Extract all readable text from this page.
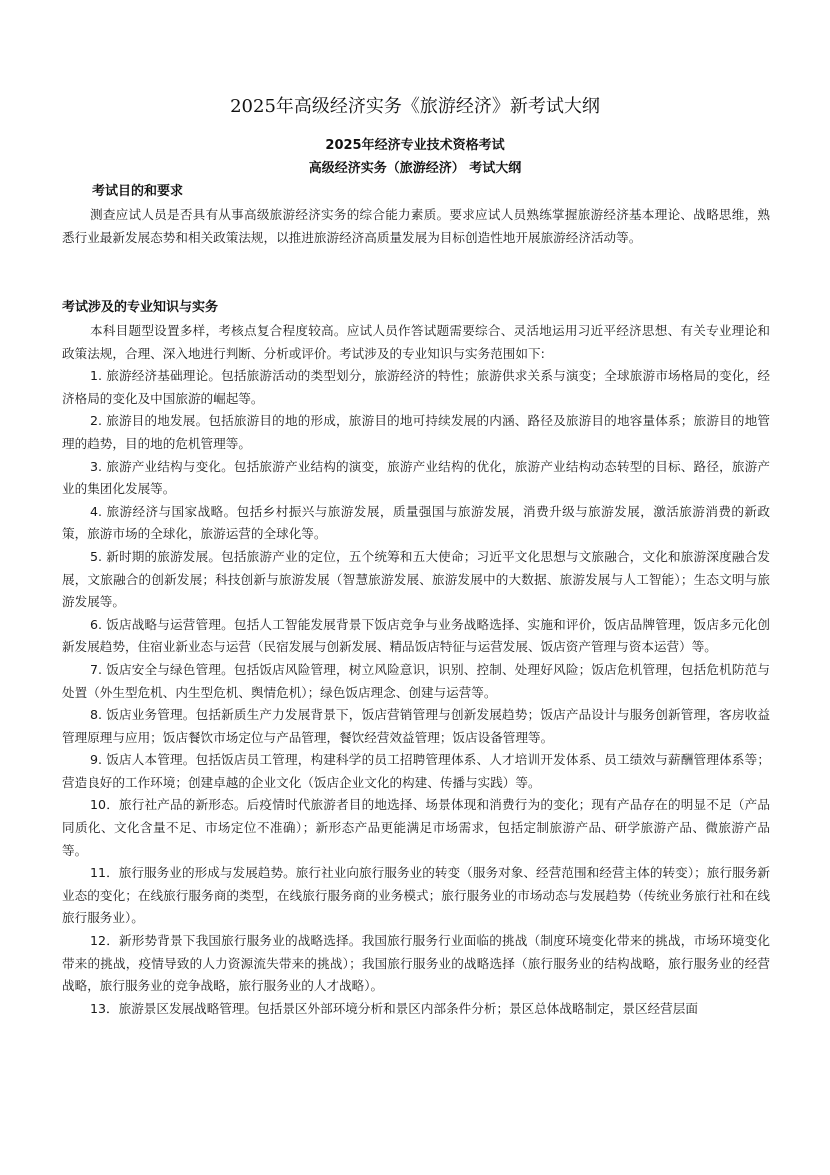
2025年高级经济实务《旅游经济》新考试大纲
2025年经济专业技术资格考试
高级经济实务（旅游经济） 考试大纲
考试目的和要求

测查应试人员是否具有从事高级旅游经济实务的综合能力素质。要求应试人员熟练掌握旅游经济基本理论、战略思维，熟悉行业最新发展态势和相关政策法规，以推进旅游经济高质量发展为目标创造性地开展旅游经济活动等。

考试涉及的专业知识与实务

本科目题型设置多样，考核点复合程度较高。应试人员作答试题需要综合、灵活地运用习近平经济思想、有关专业理论和政策法规，合理、深入地进行判断、分析或评价。考试涉及的专业知识与实务范围如下:

1. 旅游经济基础理论。包括旅游活动的类型划分，旅游经济的特性；旅游供求关系与演变；全球旅游市场格局的变化，经济格局的变化及中国旅游的崛起等。

2. 旅游目的地发展。包括旅游目的地的形成，旅游目的地可持续发展的内涵、路径及旅游目的地容量体系；旅游目的地管理的趋势，目的地的危机管理等。

3. 旅游产业结构与变化。包括旅游产业结构的演变，旅游产业结构的优化，旅游产业结构动态转型的目标、路径，旅游产业的集团化发展等。

4. 旅游经济与国家战略。包括乡村振兴与旅游发展，质量强国与旅游发展，消费升级与旅游发展，激活旅游消费的新政策，旅游市场的全球化，旅游运营的全球化等。

5. 新时期的旅游发展。包括旅游产业的定位，五个统筹和五大使命；习近平文化思想与文旅融合，文化和旅游深度融合发展，文旅融合的创新发展；科技创新与旅游发展（智慧旅游发展、旅游发展中的大数据、旅游发展与人工智能）；生态文明与旅游发展等。

6. 饭店战略与运营管理。包括人工智能发展背景下饭店竞争与业务战略选择、实施和评价，饭店品牌管理，饭店多元化创新发展趋势，住宿业新业态与运营（民宿发展与创新发展、精品饭店特征与运营发展、饭店资产管理与资本运营）等。

7. 饭店安全与绿色管理。包括饭店风险管理，树立风险意识，识别、控制、处理好风险；饭店危机管理，包括危机防范与处置（外生型危机、内生型危机、舆情危机）；绿色饭店理念、创建与运营等。

8. 饭店业务管理。包括新质生产力发展背景下，饭店营销管理与创新发展趋势；饭店产品设计与服务创新管理，客房收益管理原理与应用；饭店餐饮市场定位与产品管理，餐饮经营效益管理；饭店设备管理等。

9. 饭店人本管理。包括饭店员工管理，构建科学的员工招聘管理体系、人才培训开发体系、员工绩效与薪酬管理体系等；营造良好的工作环境；创建卓越的企业文化（饭店企业文化的构建、传播与实践）等。

10．旅行社产品的新形态。后疫情时代旅游者目的地选择、场景体现和消费行为的变化；现有产品存在的明显不足（产品同质化、文化含量不足、市场定位不准确）；新形态产品更能满足市场需求，包括定制旅游产品、研学旅游产品、微旅游产品等。

11．旅行服务业的形成与发展趋势。旅行社业向旅行服务业的转变（服务对象、经营范围和经营主体的转变）；旅行服务新业态的变化；在线旅行服务商的类型，在线旅行服务商的业务模式；旅行服务业的市场动态与发展趋势（传统业务旅行社和在线旅行服务业）。

12．新形势背景下我国旅行服务业的战略选择。我国旅行服务行业面临的挑战（制度环境变化带来的挑战，市场环境变化带来的挑战，疫情导致的人力资源流失带来的挑战）；我国旅行服务业的战略选择（旅行服务业的结构战略，旅行服务业的经营战略，旅行服务业的竞争战略，旅行服务业的人才战略）。

13．旅游景区发展战略管理。包括景区外部环境分析和景区内部条件分析；景区总体战略制定，景区经营层面
